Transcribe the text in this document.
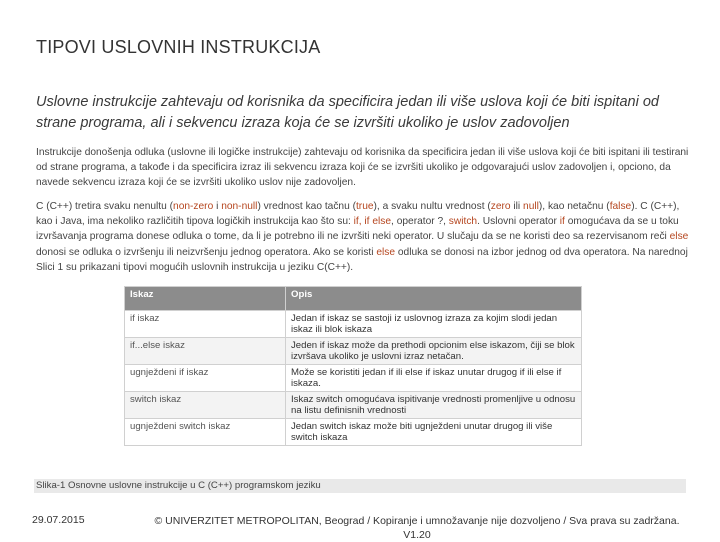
TIPOVI USLOVNIH INSTRUKCIJA
Uslovne instrukcije zahtevaju od korisnika da specificira jedan ili više uslova koji će biti ispitani od strane programa, ali i sekvencu izraza koja će se izvršiti ukoliko je uslov zadovoljen
Instrukcije donošenja odluka (uslovne ili logičke instrukcije) zahtevaju od korisnika da specificira jedan ili više uslova koji će biti ispitani ili testirani od strane programa, a takođe i da specificira izraz ili sekvencu izraza koji će se izvršiti ukoliko je odgovarajući uslov zadovoljen i, opciono, da navede sekvencu izraza koji će se izvršiti ukoliko uslov nije zadovoljen.
C (C++) tretira svaku nenultu (non-zero i non-null) vrednost kao tačnu (true), a svaku nultu vrednost (zero ili null), kao netačnu (false). C (C++), kao i Java, ima nekoliko različitih tipova logičkih instrukcija kao što su: if, if else, operator ?, switch. Uslovni operator if omogućava da se u toku izvršavanja programa donese odluka o tome, da li je potrebno ili ne izvršiti neki operator. U slučaju da se ne koristi deo sa rezervisanom reči else donosi se odluka o izvršenju ili neizvršenju jednog operatora. Ako se koristi else odluka se donosi na izbor jednog od dva operatora. Na narednoj Slici 1 su prikazani tipovi mogućih uslovnih instrukcija u jeziku C(C++).
Iskaz	Opis
if iskaz	Jedan if iskaz se sastoji iz uslovnog izraza za kojim slodi jedan iskaz ili blok iskaza
if...else iskaz	Jeden if iskaz može da prethodi opcionim else iskazom, čiji se blok izvršava ukoliko je uslovni izraz netačan.
ugnježdeni if iskaz	Može se koristiti jedan if ili else if iskaz unutar drugog if ili else if iskaza.
switch iskaz	Iskaz switch omogućava ispitivanje vrednosti promenljive u odnosu na listu definisnih vrednosti
ugnježdeni switch iskaz	Jedan switch iskaz može biti ugnježdeni unutar drugog ili više switch iskaza
Slika-1 Osnovne uslovne instrukcije u C (C++) programskom jeziku
29.07.2015	© UNIVERZITET METROPOLITAN, Beograd / Kopiranje i umnožavanje nije dozvoljeno / Sva prava su zadržana. V1.20
